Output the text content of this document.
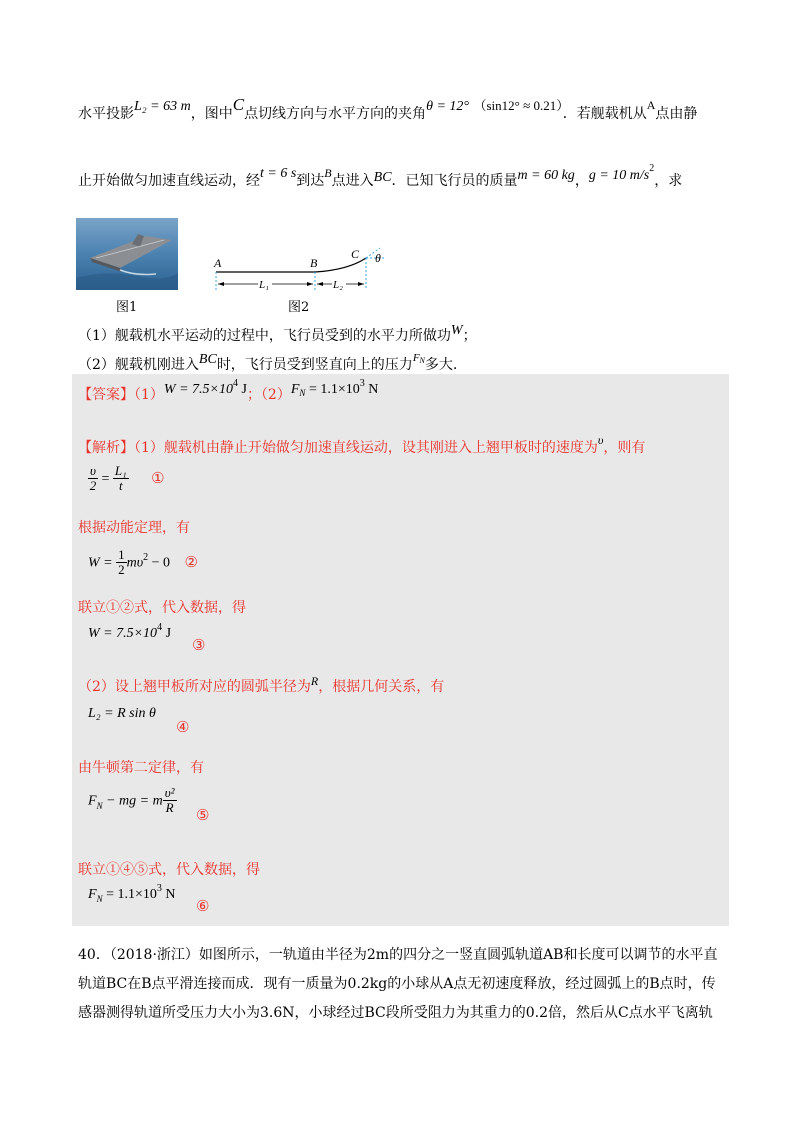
水平投影L₂ = 63 m，图中C点切线方向与水平方向的夹角θ = 12° （sin12° ≈ 0.21）．若舰载机从A点由静
止开始做匀加速直线运动，经t = 6 s到达B点进入BC．已知飞行员的质量m = 60 kg，g = 10 $m/s^2$，求
图1
A	B
C θ
L₁	L₂
图2
（1）舰载机水平运动的过程中，飞行员受到的水平力所做功W；
（2）舰载机刚进入BC时，飞行员受到竖直向上的压力$^{FN}$多大.
【答案】$(1)W = 7.5\times 10^4$ J；$(2)F^N = 1.1\times 10^3$ N
【解析】（1）舰载机由静止开始做匀加速直线运动，设其刚进入上翘甲板时的速度为υ，则有
$\frac{\upsilon}{2} = \frac{\text{L₁}}{t}$ ①
根据动能定理，有
$W = \frac{1}{2} m\upsilon^2 - 0$ ②
联立①②式，代入数据，得
$W = 7.5\times 10^4$ J
③
（2）设上翘甲板所对应的圆弧半径为R，根据几何关系，有
L₂ = R sin θ
④
由牛顿第二定律，有
$F_N$ − mg = m $\frac{\text{υ²}}{R}$ ⑤
联立①④⑤式，代入数据，得
$F_N = 1.1\times 10^3$ N
⑥
40．（2018·浙江）如图所示，一轨道由半径为2m的四分之一竖直圆弧轨道AB和长度可以调节的水平直
轨道BC在B点平滑连接而成．现有一质量为0.2kg的小球从A点无初速度释放，经过圆弧上的B点时，传
感器测得轨道所受压力大小为3.6N，小球经过BC段所受阻力为其重力的0.2倍，然后从C点水平飞离轨
